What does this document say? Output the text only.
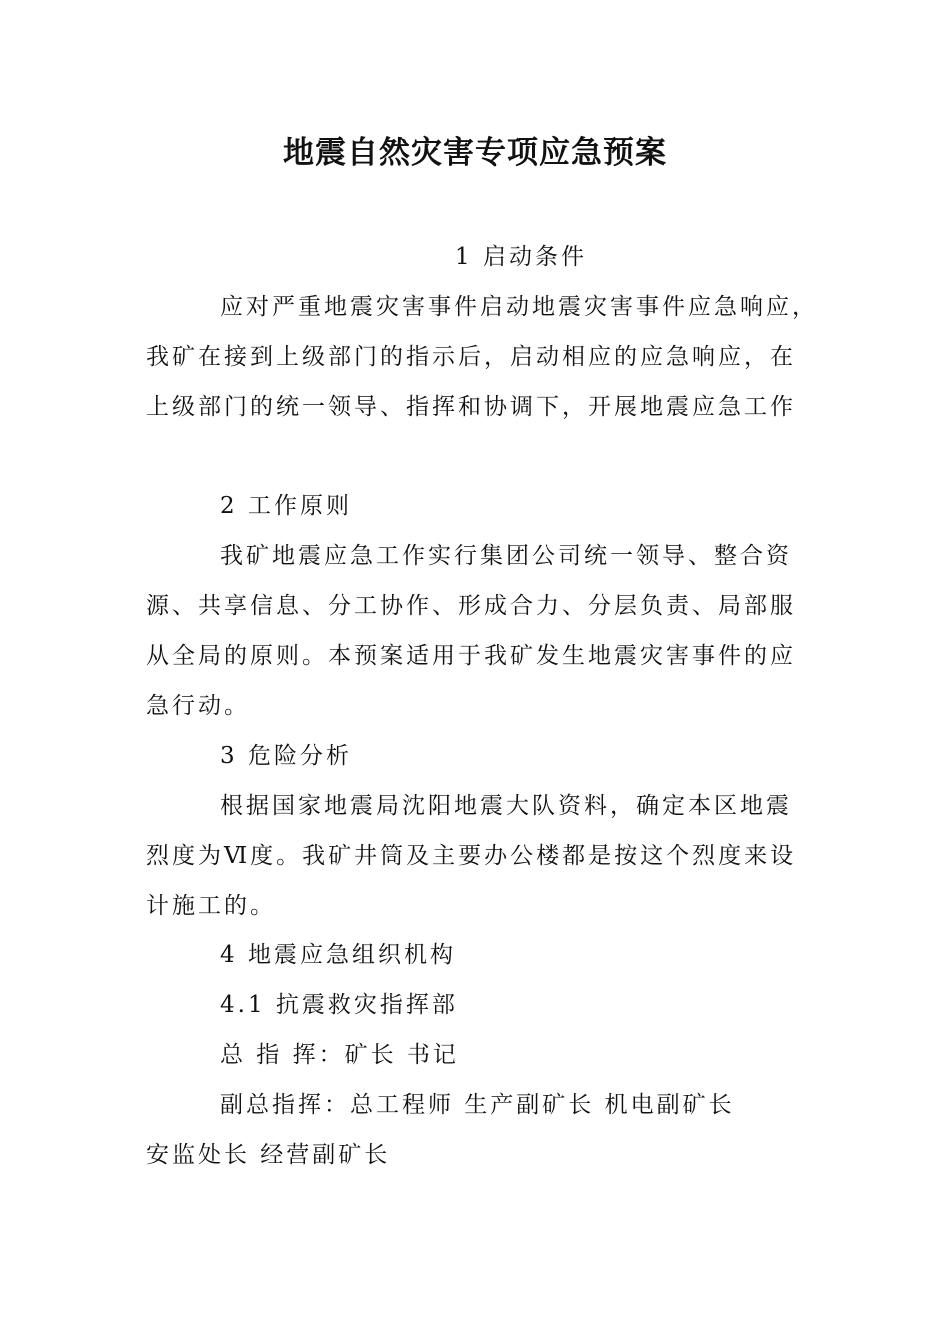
地震自然灾害专项应急预案
1 启动条件
应对严重地震灾害事件启动地震灾害事件应急响应，
我矿在接到上级部门的指示后，启动相应的应急响应，在
上级部门的统一领导、指挥和协调下，开展地震应急工作
2 工作原则
我矿地震应急工作实行集团公司统一领导、整合资
源、共享信息、分工协作、形成合力、分层负责、局部服
从全局的原则。本预案适用于我矿发生地震灾害事件的应
急行动。
3 危险分析
根据国家地震局沈阳地震大队资料，确定本区地震
烈度为Ⅵ度。我矿井筒及主要办公楼都是按这个烈度来设
计施工的。
4 地震应急组织机构
4.1 抗震救灾指挥部
总 指 挥：矿长 书记
副总指挥：总工程师 生产副矿长 机电副矿长
安监处长 经营副矿长
